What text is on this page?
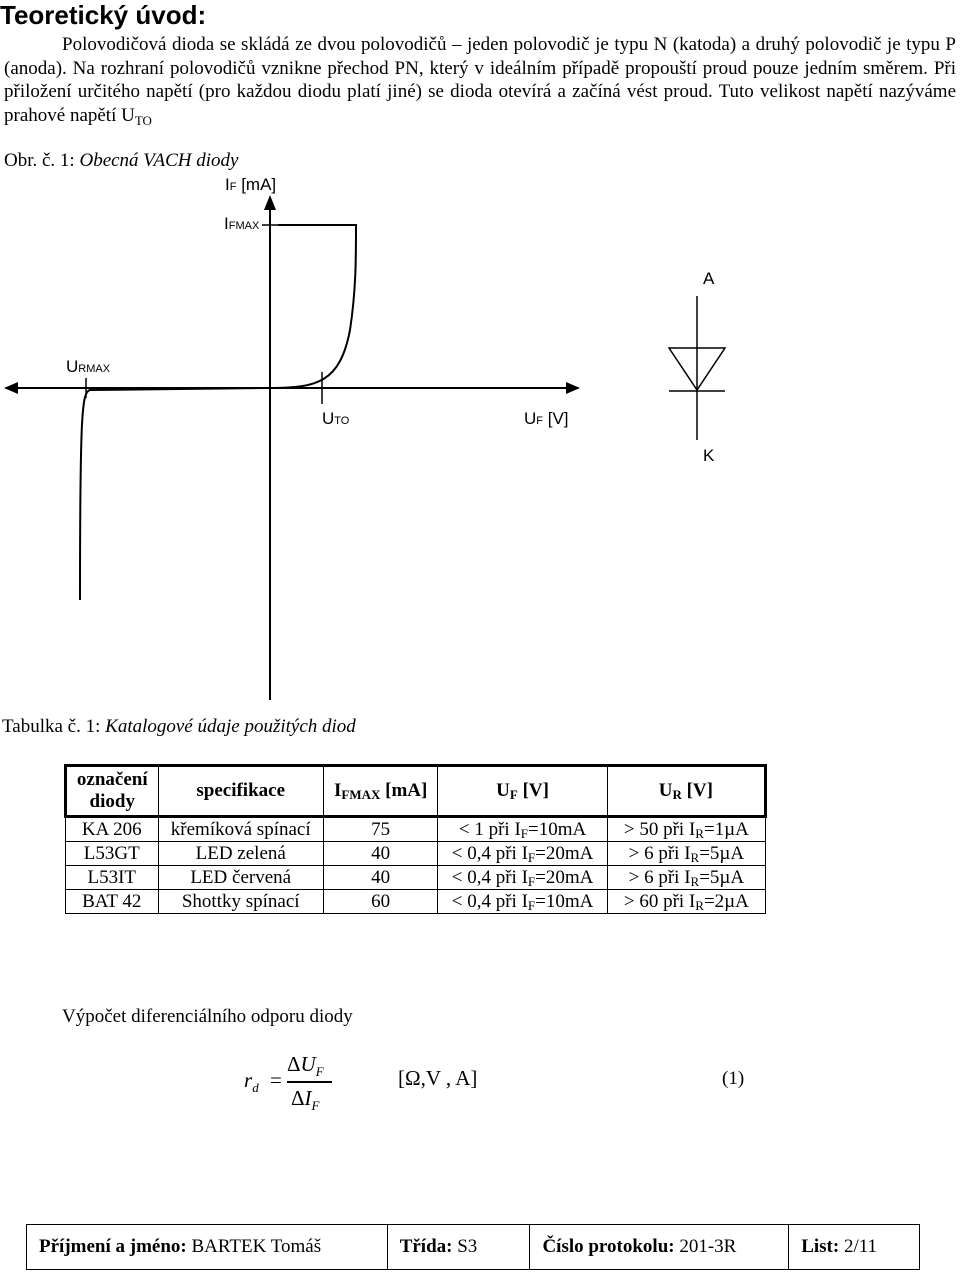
Teoretický úvod:
Polovodičová dioda se skládá ze dvou polovodičů – jeden polovodič je typu N (katoda) a druhý polovodič je typu P (anoda). Na rozhraní polovodičů vznikne přechod PN, který v ideálním případě propouští proud pouze jedním směrem. Při přiložení určitého napětí (pro každou diodu platí jiné) se dioda otevírá a začíná vést proud. Tuto velikost napětí nazýváme prahové napětí $U_{TO}$
Obr. č. 1: Obecná VACH diody
IF [mA]
IFMAX
URMAX
UTO	UF [V]
A
K
Tabulka č. 1: Katalogové údaje použitých diod
označení
diody	specifikace	IFMAX [mA]	UF [V]	UR [V]
KA 206	křemíková spínací	75	< 1 při IF=10mA	> 50 při IR=1µA
L53GT	LED zelená	40	< 0,4 při IF=20mA	> 6 při IR=5µA
L53IT	LED červená	40	< 0,4 při IF=20mA	> 6 při IR=5µA
BAT 42	Shottky spínací	60	< 0,4 při IF=10mA	> 60 při IR=2µA
Výpočet diferenciálního odporu diody
$r_d$ =
$\Delta U_F$
$\Delta I_F$
[Ω,V , A]	(1)
Příjmení a jméno: BARTEK Tomáš	Třída: S3	Číslo protokolu: 201-3R	List: 2/11
